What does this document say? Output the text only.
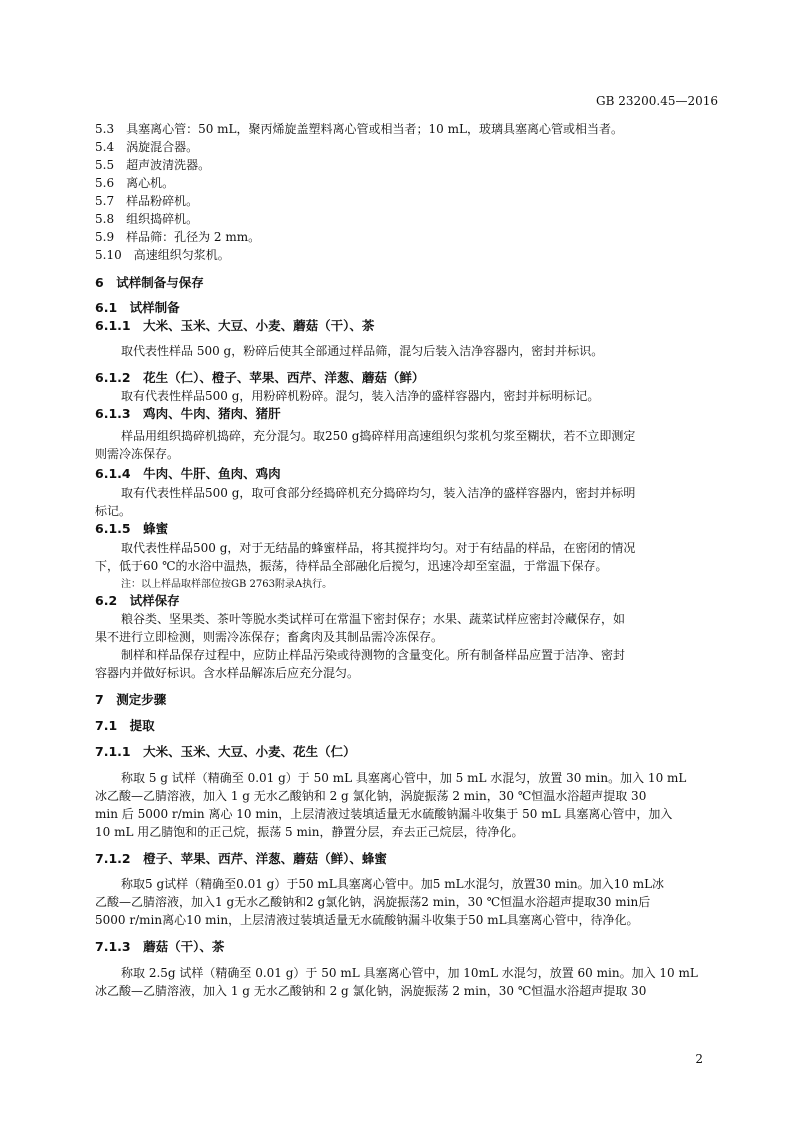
GB 23200.45—2016
5.3　具塞离心管：50 mL，聚丙烯旋盖塑料离心管或相当者；10 mL，玻璃具塞离心管或相当者。
5.4　涡旋混合器。
5.5　超声波清洗器。
5.6　离心机。
5.7　样品粉碎机。
5.8　组织捣碎机。
5.9　样品筛：孔径为 2 mm。
5.10　高速组织匀浆机。
6　试样制备与保存
6.1　试样制备
6.1.1　大米、玉米、大豆、小麦、蘑菇（干）、茶
取代表性样品 500 g，粉碎后使其全部通过样品筛，混匀后装入洁净容器内，密封并标识。
6.1.2　花生（仁）、橙子、苹果、西芹、洋葱、蘑菇（鲜）
取有代表性样品500 g，用粉碎机粉碎。混匀，装入洁净的盛样容器内，密封并标明标记。
6.1.3　鸡肉、牛肉、猪肉、猪肝
样品用组织捣碎机捣碎，充分混匀。取250 g捣碎样用高速组织匀浆机匀浆至糊状，若不立即测定
则需冷冻保存。
6.1.4　牛肉、牛肝、鱼肉、鸡肉
取有代表性样品500 g，取可食部分经捣碎机充分捣碎均匀，装入洁净的盛样容器内，密封并标明
标记。
6.1.5　蜂蜜
取代表性样品500 g，对于无结晶的蜂蜜样品，将其搅拌均匀。对于有结晶的样品，在密闭的情况
下，低于60 ℃的水浴中温热，振荡，待样品全部融化后搅匀，迅速冷却至室温，于常温下保存。
注：以上样品取样部位按GB 2763附录A执行。
6.2　试样保存
粮谷类、坚果类、茶叶等脱水类试样可在常温下密封保存；水果、蔬菜试样应密封冷藏保存，如
果不进行立即检测，则需冷冻保存；畜禽肉及其制品需冷冻保存。
制样和样品保存过程中，应防止样品污染或待测物的含量变化。所有制备样品应置于洁净、密封
容器内并做好标识。含水样品解冻后应充分混匀。
7　测定步骤
7.1　提取
7.1.1　大米、玉米、大豆、小麦、花生（仁）
称取 5 g 试样（精确至 0.01 g）于 50 mL 具塞离心管中，加 5 mL 水混匀，放置 30 min。加入 10 mL
冰乙酸—乙腈溶液，加入 1 g 无水乙酸钠和 2 g 氯化钠，涡旋振荡 2 min，30 ℃恒温水浴超声提取 30
min 后 5000 r/min 离心 10 min，上层清液过装填适量无水硫酸钠漏斗收集于 50 mL 具塞离心管中，加入
10 mL 用乙腈饱和的正己烷，振荡 5 min，静置分层，弃去正己烷层，待净化。
7.1.2　橙子、苹果、西芹、洋葱、蘑菇（鲜）、蜂蜜
称取5 g试样（精确至0.01 g）于50 mL具塞离心管中。加5 mL水混匀，放置30 min。加入10 mL冰
乙酸—乙腈溶液，加入1 g无水乙酸钠和2 g氯化钠，涡旋振荡2 min，30 ℃恒温水浴超声提取30 min后
5000 r/min离心10 min，上层清液过装填适量无水硫酸钠漏斗收集于50 mL具塞离心管中，待净化。
7.1.3　蘑菇（干）、茶
称取 2.5g 试样（精确至 0.01 g）于 50 mL 具塞离心管中，加 10mL 水混匀，放置 60 min。加入 10 mL
冰乙酸—乙腈溶液，加入 1 g 无水乙酸钠和 2 g 氯化钠，涡旋振荡 2 min，30 ℃恒温水浴超声提取 30
2
